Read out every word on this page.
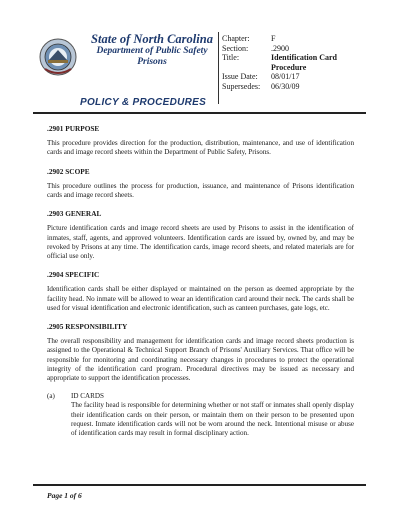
State of North Carolina
Department of Public Safety
Prisons
Chapter:
Section:
Title:
Issue Date:
Supersedes:
F
.2900
Identification Card
Procedure
08/01/17
06/30/09
POLICY & PROCEDURES
.2901 PURPOSE

This procedure provides direction for the production, distribution, maintenance, and use of identification cards and image record sheets within the Department of Public Safety, Prisons.

.2902 SCOPE

This procedure outlines the process for production, issuance, and maintenance of Prisons identification cards and image record sheets.

.2903 GENERAL

Picture identification cards and image record sheets are used by Prisons to assist in the identification of inmates, staff, agents, and approved volunteers. Identification cards are issued by, owned by, and may be revoked by Prisons at any time. The identification cards, image record sheets, and related materials are for official use only.

.2904 SPECIFIC

Identification cards shall be either displayed or maintained on the person as deemed appropriate by the facility head. No inmate will be allowed to wear an identification card around their neck. The cards shall be used for visual identification and electronic identification, such as canteen purchases, gate logs, etc.

.2905 RESPONSIBILITY

The overall responsibility and management for identification cards and image record sheets production is assigned to the Operational & Technical Support Branch of Prisons' Auxiliary Services. That office will be responsible for monitoring and coordinating necessary changes in procedures to protect the operational integrity of the identification card program. Procedural directives may be issued as necessary and appropriate to support the identification processes.

(a)	ID CARDS

The facility head is responsible for determining whether or not staff or inmates shall openly display their identification cards on their person, or maintain them on their person to be presented upon request. Inmate identification cards will not be worn around the neck. Intentional misuse or abuse of identification cards may result in formal disciplinary action.

Page 1 of 6
